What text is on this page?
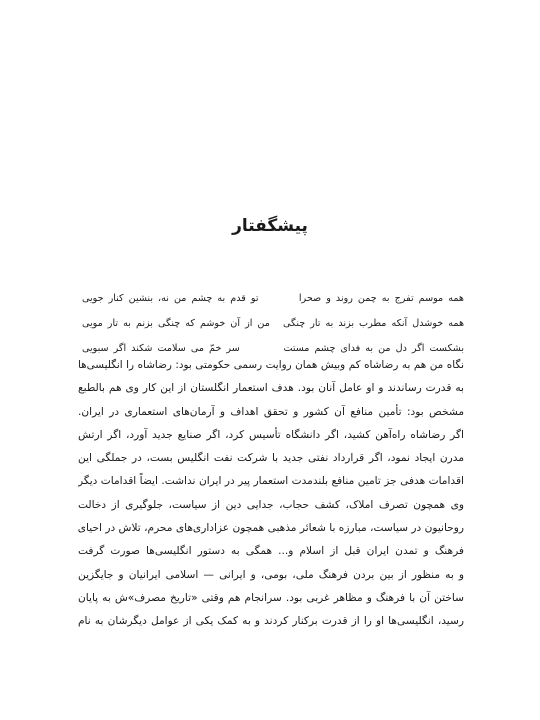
پیشگفتار
همه موسم تفرج به چمن روند و صحرا
تو قدم به چشم من نه، بنشین کنار جویی
همه خوشدل آنکه مطرب بزند به تار چنگی
من از آن خوشم که چنگی بزنم به تار مویی
بشکست اگر دل من به فدای چشم مستت
سر خمّ می سلامت شکند اگر سبویی
نگاه من هم به رضاشاه کم وبیش همان روایت رسمی حکومتی بود: رضاشاه را انگلیسی‌ها
به قدرت رساندند و او عامل آنان بود. هدف استعمار انگلستان از این کار وی هم بالطبع
مشخص بود: تأمین منافع آن کشور و تحقق اهداف و آرمان‌های استعماری در ایران.
اگر رضاشاه راه‌آهن کشید، اگر دانشگاه تأسیس کرد، اگر صنایع جدید آورد، اگر ارتش
مدرن ایجاد نمود، اگر قرارداد نفتی جدید با شرکت نفت انگلیس بست، در جملگی این
اقدامات هدفی جز تامین منافع بلندمدت استعمار پیر در ایران نداشت. ایضاً اقدامات دیگر
وی همچون تصرف املاک، کشف حجاب، جدایی دین از سیاست، جلوگیری از دخالت
روحانیون در سیاست، مبارزه با شعائر مذهبی همچون عزاداری‌های محرم، تلاش در احیای
فرهنگ و تمدن ایران قبل از اسلام و... همگی به دستور انگلیسی‌ها صورت گرفت
و به منظور از بین بردن فرهنگ ملی، بومی، و ایرانی — اسلامی ایرانیان و جایگزین
ساختن آن با فرهنگ و مظاهر غربی بود. سرانجام هم وقتی «تاریخ مصرف»ش به پایان
رسید، انگلیسی‌ها او را از قدرت برکنار کردند و به کمک یکی از عوامل دیگرشان به نام
